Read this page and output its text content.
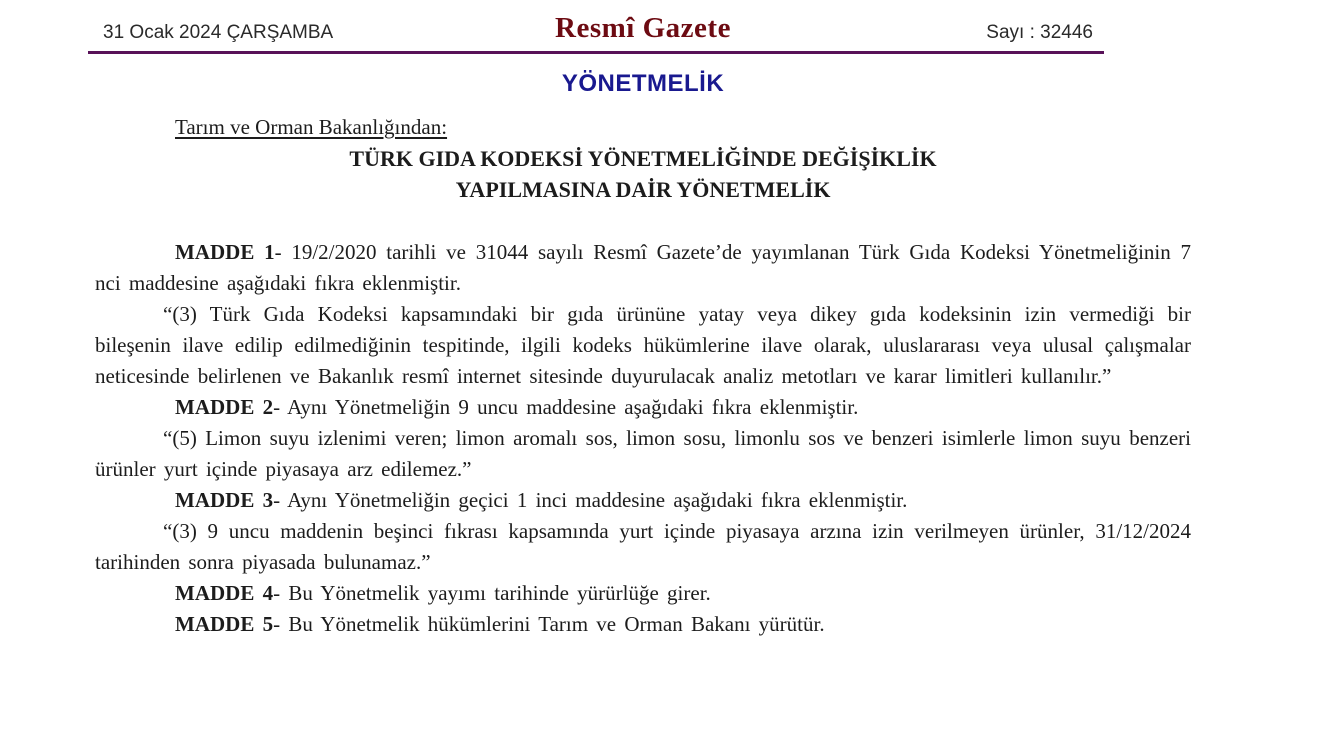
31 Ocak 2024 ÇARŞAMBA	Resmî Gazete	Sayı : 32446
YÖNETMELİK

Tarım ve Orman Bakanlığından:

TÜRK GIDA KODEKSİ YÖNETMELİĞİNDE DEĞİŞİKLİK

YAPILMASINA DAİR YÖNETMELİK

MADDE 1- 19/2/2020 tarihli ve 31044 sayılı Resmî Gazete’de yayımlanan Türk Gıda Kodeksi Yönetmeliğinin 7 nci maddesine aşağıdaki fıkra eklenmiştir.

“(3) Türk Gıda Kodeksi kapsamındaki bir gıda ürününe yatay veya dikey gıda kodeksinin izin vermediği bir bileşenin ilave edilip edilmediğinin tespitinde, ilgili kodeks hükümlerine ilave olarak, uluslararası veya ulusal çalışmalar neticesinde belirlenen ve Bakanlık resmî internet sitesinde duyurulacak analiz metotları ve karar limitleri kullanılır.”

MADDE 2- Aynı Yönetmeliğin 9 uncu maddesine aşağıdaki fıkra eklenmiştir.

“(5) Limon suyu izlenimi veren; limon aromalı sos, limon sosu, limonlu sos ve benzeri isimlerle limon suyu benzeri ürünler yurt içinde piyasaya arz edilemez.”

MADDE 3- Aynı Yönetmeliğin geçici 1 inci maddesine aşağıdaki fıkra eklenmiştir.

“(3) 9 uncu maddenin beşinci fıkrası kapsamında yurt içinde piyasaya arzına izin verilmeyen ürünler, 31/12/2024 tarihinden sonra piyasada bulunamaz.”

MADDE 4- Bu Yönetmelik yayımı tarihinde yürürlüğe girer.

MADDE 5- Bu Yönetmelik hükümlerini Tarım ve Orman Bakanı yürütür.
